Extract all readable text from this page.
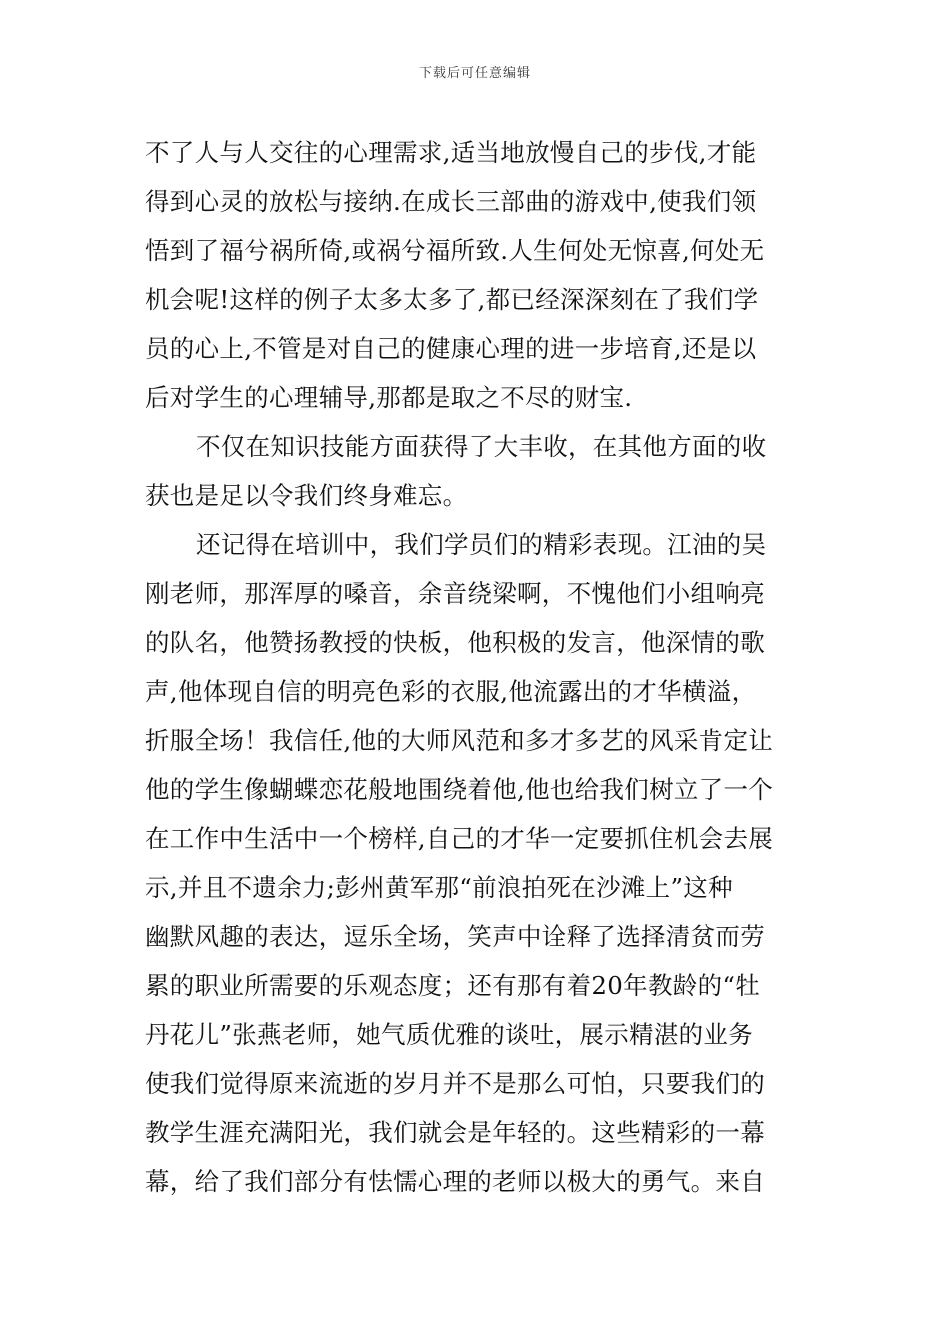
下载后可任意编辑
不了人与人交往的心理需求,适当地放慢自己的步伐,才能
得到心灵的放松与接纳.在成长三部曲的游戏中,使我们领
悟到了福兮祸所倚,或祸兮福所致.人生何处无惊喜,何处无
机会呢!这样的例子太多太多了,都已经深深刻在了我们学
员的心上,不管是对自己的健康心理的进一步培育,还是以
后对学生的心理辅导,那都是取之不尽的财宝.
不仅在知识技能方面获得了大丰收，在其他方面的收
获也是足以令我们终身难忘。
还记得在培训中，我们学员们的精彩表现。江油的吴
刚老师，那浑厚的嗓音，余音绕梁啊，不愧他们小组响亮
的队名，他赞扬教授的快板，他积极的发言，他深情的歌
声,他体现自信的明亮色彩的衣服,他流露出的才华横溢，
折服全场！我信任,他的大师风范和多才多艺的风采肯定让
他的学生像蝴蝶恋花般地围绕着他,他也给我们树立了一个
在工作中生活中一个榜样,自己的才华一定要抓住机会去展
示,并且不遗余力;彭州黄军那“前浪拍死在沙滩上”这种
幽默风趣的表达，逗乐全场，笑声中诠释了选择清贫而劳
累的职业所需要的乐观态度；还有那有着20年教龄的“牡
丹花儿”张燕老师，她气质优雅的谈吐，展示精湛的业务
使我们觉得原来流逝的岁月并不是那么可怕，只要我们的
教学生涯充满阳光，我们就会是年轻的。这些精彩的一幕
幕，给了我们部分有怯懦心理的老师以极大的勇气。来自
